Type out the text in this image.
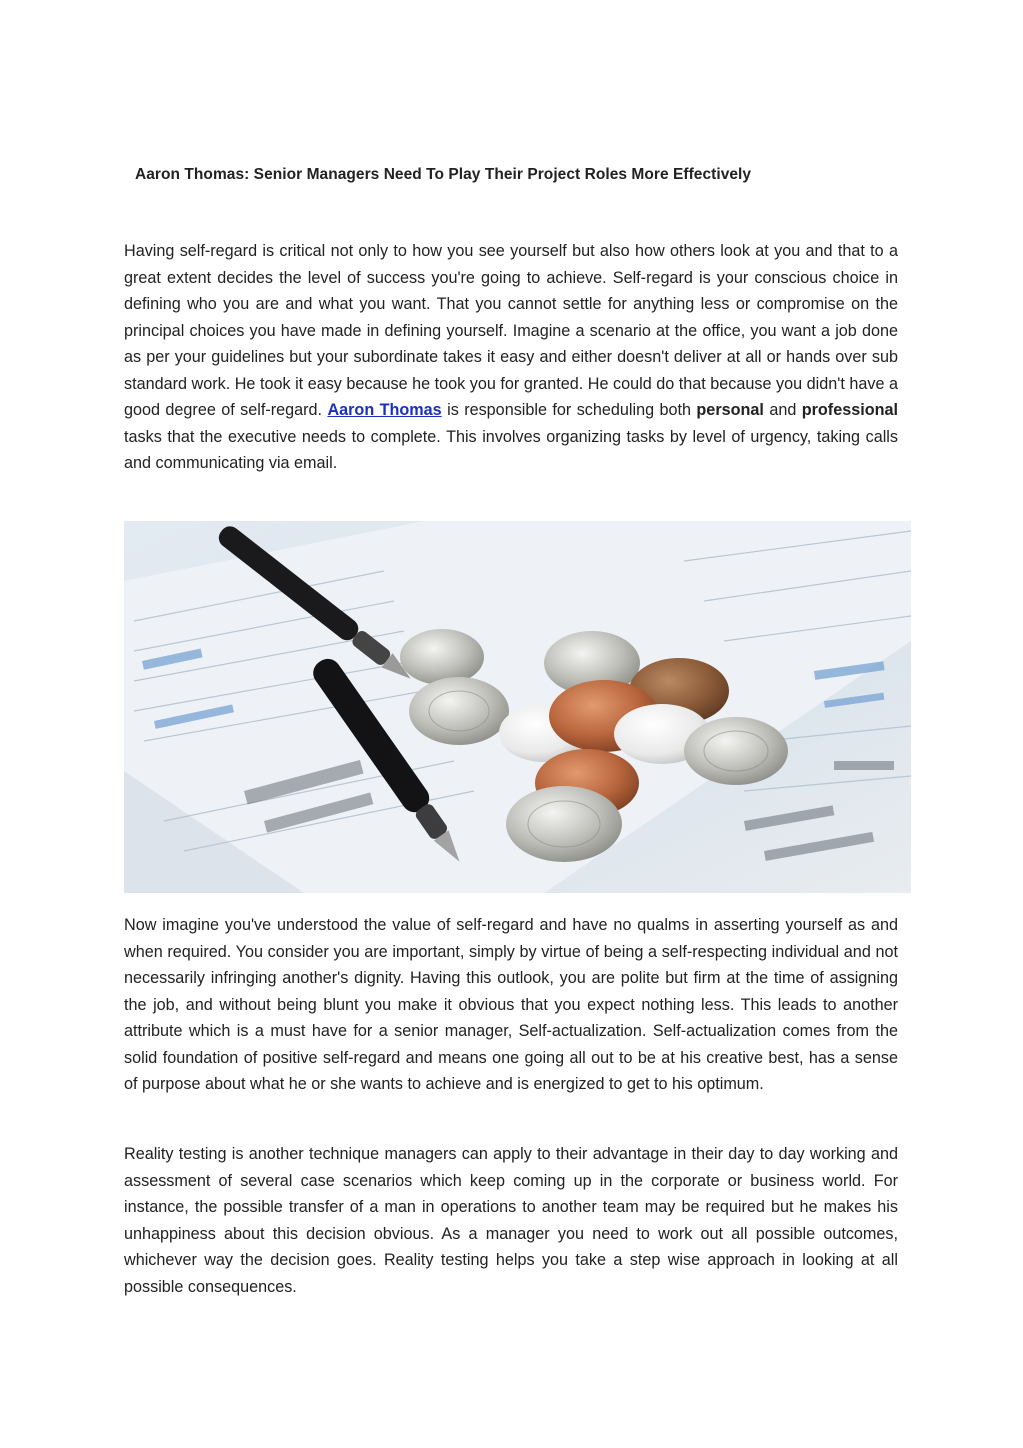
Aaron Thomas: Senior Managers Need To Play Their Project Roles More Effectively

Having self-regard is critical not only to how you see yourself but also how others look at you and that to a great extent decides the level of success you're going to achieve. Self-regard is your conscious choice in defining who you are and what you want. That you cannot settle for anything less or compromise on the principal choices you have made in defining yourself. Imagine a scenario at the office, you want a job done as per your guidelines but your subordinate takes it easy and either doesn't deliver at all or hands over sub standard work. He took it easy because he took you for granted. He could do that because you didn't have a good degree of self-regard. Aaron Thomas is responsible for scheduling both personal and professional tasks that the executive needs to complete. This involves organizing tasks by level of urgency, taking calls and communicating via email.

Now imagine you've understood the value of self-regard and have no qualms in asserting yourself as and when required. You consider you are important, simply by virtue of being a self-respecting individual and not necessarily infringing another's dignity. Having this outlook, you are polite but firm at the time of assigning the job, and without being blunt you make it obvious that you expect nothing less. This leads to another attribute which is a must have for a senior manager, Self-actualization. Self-actualization comes from the solid foundation of positive self-regard and means one going all out to be at his creative best, has a sense of purpose about what he or she wants to achieve and is energized to get to his optimum.

Reality testing is another technique managers can apply to their advantage in their day to day working and assessment of several case scenarios which keep coming up in the corporate or business world. For instance, the possible transfer of a man in operations to another team may be required but he makes his unhappiness about this decision obvious. As a manager you need to work out all possible outcomes, whichever way the decision goes. Reality testing helps you take a step wise approach in looking at all possible consequences.
